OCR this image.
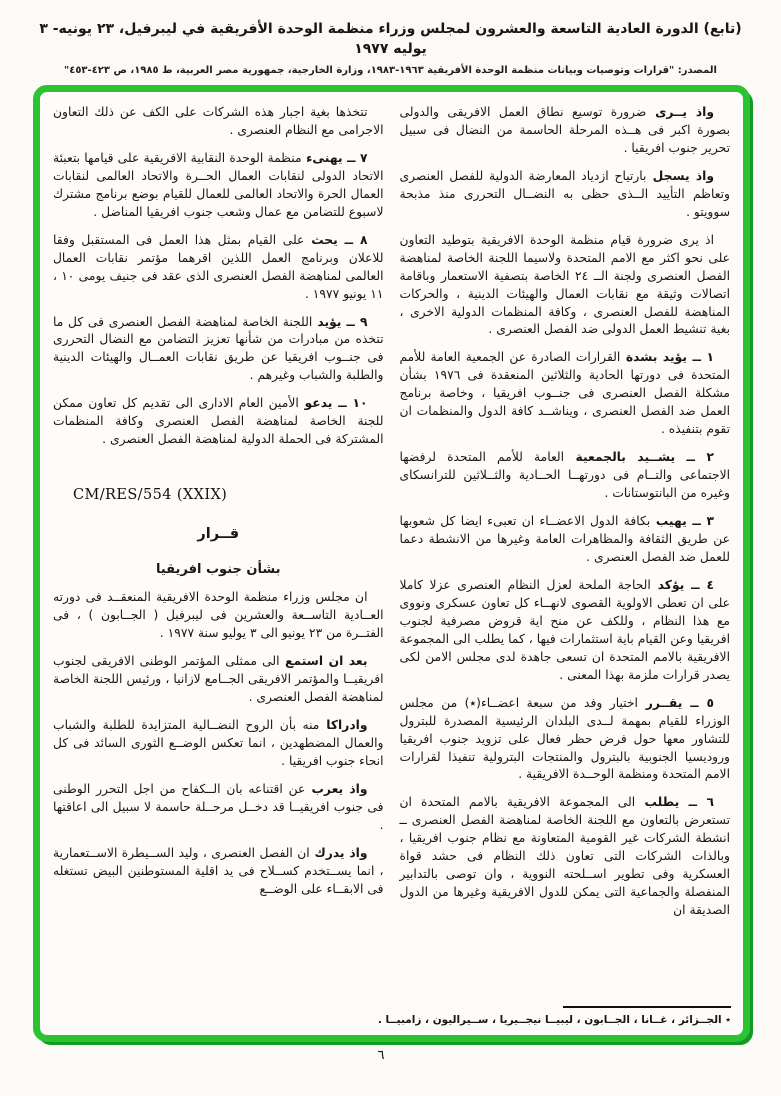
(تابع) الدورة العادية التاسعة والعشرون لمجلس وزراء منظمة الوحدة الأفريقية في ليبرفيل، ٢٣ يونيه- ٣ يوليه ١٩٧٧
المصدر: "قرارات وتوصيات وبيانات منظمة الوحدة الأفريقية ١٩٦٣-١٩٨٣، وزارة الخارجية، جمهورية مصر العربية، ط ١٩٨٥، ص ٤٢٣-٤٥٣"

واذ يــرى ضرورة توسيع نطاق العمل الافريقى والدولى بصورة اكبر فى هــذه المرحلة الحاسمة من النضال فى سبيل تحرير جنوب افريقيا .

واذ يسجل بارتياح ازدياد المعارضة الدولية للفصل العنصرى وتعاظم التأييد الــذى حظى به النضــال التحررى منذ مذبحة سوويتو .

اذ يرى ضرورة قيام منظمة الوحدة الافريقية بتوطيد التعاون على نحو اكثر مع الامم المتحدة ولاسيما اللجنة الخاصة لمناهضة الفصل العنصرى ولجنة الــ ٢٤ الخاصة بتصفية الاستعمار وباقامة اتصالات وثيقة مع نقابات العمال والهيئات الدينية ، والحركات المناهضة للفصل العنصرى ، وكافة المنظمات الدولية الاخرى ، بغية تنشيط العمل الدولى ضد الفصل العنصرى .

١ ــ يؤيد بشدة القرارات الصادرة عن الجمعية العامة للأمم المتحدة فى دورتها الحادية والثلاثين المنعقدة فى ١٩٧٦ بشأن مشكلة الفصل العنصرى فى جنــوب افريقيا ، وخاصة برنامج العمل ضد الفصل العنصرى ، ويناشــد كافة الدول والمنظمات ان تقوم بتنفيذه .

٢ ــ يشــيد بالجمعية العامة للأمم المتحدة لرفضها الاجتماعى والتــام فى دورتهــا الحــادية والثــلاثين للترانسكاى وغيره من البانتوستانات .

٣ ــ يهيب بكافة الدول الاعضــاء ان تعبىء ايضا كل شعوبها عن طريق الثقافة والمظاهرات العامة وغيرها من الانشطة دعما للعمل ضد الفصل العنصرى .

٤ ــ يؤكد الحاجة الملحة لعزل النظام العنصرى عزلا كاملا على ان تعطى الاولوية القصوى لانهــاء كل تعاون عسكرى ونووى مع هذا النظام ، وللكف عن منح اية قروض مصرفية لجنوب افريقيا وعن القيام باية استثمارات فيها ، كما يطلب الى المجموعة الافريقية بالامم المتحدة ان تسعى جاهدة لدى مجلس الامن لكى يصدر قرارات ملزمة بهذا المعنى .

٥ ــ يقــرر اختيار وفد من سبعة اعضــاء(٭) من مجلس الوزراء للقيام بمهمة لــدى البلدان الرئيسية المصدرة للبترول للتشاور معها حول فرض حظر فعال على تزويد جنوب افريقيا وروديسيا الجنوبية بالبترول والمنتجات البترولية تنفيذا لقرارات الامم المتحدة ومنظمة الوحــدة الافريقية .

٦ ــ يطلب الى المجموعة الافريقية بالامم المتحدة ان تستعرض بالتعاون مع اللجنة الخاصة لمناهضة الفصل العنصرى ــ انشطة الشركات غير القومية المتعاونة مع نظام جنوب افريقيا ، وبالذات الشركات التى تعاون ذلك النظام فى حشد قواة العسكرية وفى تطوير اســلحته النووية ، وان توصى بالتدابير المنفصلة والجماعية التى يمكن للدول الافريقية وغيرها من الدول الصديقة ان

تتخذها بغية اجبار هذه الشركات على الكف عن ذلك التعاون الاجرامى مع النظام العنصرى .

٧ ــ يهنىء منظمة الوحدة النقابية الافريقية على قيامها بتعبئة الاتحاد الدولى لنقابات العمال الحــرة والاتحاد العالمى لنقابات العمال الحرة والاتحاد العالمى للعمال للقيام بوضع برنامج مشترك لاسبوع للتضامن مع عمال وشعب جنوب افريقيا المناضل .

٨ ــ يحث على القيام بمثل هذا العمل فى المستقبل وفقا للاعلان وبرنامج العمل اللذين اقرهما مؤتمر نقابات العمال العالمى لمناهضة الفصل العنصرى الذى عقد فى جنيف يومى ١٠ ، ١١ يونيو ١٩٧٧ .

٩ ــ يؤيد اللجنة الخاصة لمناهضة الفصل العنصرى فى كل ما تتخذه من مبادرات من شأنها تعزيز التضامن مع النضال التحررى فى جنــوب افريقيا عن طريق نقابات العمــال والهيئات الدينية والطلبة والشباب وغيرهم .

١٠ ــ يدعو الأمين العام الادارى الى تقديم كل تعاون ممكن للجنة الخاصة لمناهضة الفصل العنصرى وكافة المنظمات المشتركة فى الحملة الدولية لمناهضة الفصل العنصرى .

CM/RES/554 (XXIX)

قــرار

بشأن جنوب افريقيا

ان مجلس وزراء منظمة الوحدة الافريقية المنعقــد فى دورته العــادية التاســعة والعشرين فى ليبرفيل ( الجــابون ) ، فى الفتــرة من ٢٣ يونيو الى ٣ يوليو سنة ١٩٧٧ .

بعد ان استمع الى ممثلى المؤتمر الوطنى الافريقى لجنوب افريقيــا والمؤتمر الافريقى الجــامع لازانيا ، ورئيس اللجنة الخاصة لمناهضة الفصل العنصرى .

وادراكا منه بأن الروح النضــالية المتزايدة للطلبة والشباب والعمال المضطهدين ، انما تعكس الوضــع الثورى السائد فى كل انحاء جنوب افريقيا .

واذ يعرب عن اقتناعه بان الــكفاح من اجل التحرر الوطنى فى جنوب افريقيــا قد دخــل مرحــلة حاسمة لا سبيل الى اعاقتها .

واذ يدرك ان الفصل العنصرى ، وليد الســيطرة الاســتعمارية ، انما يســتخدم كســلاح فى يد اقلية المستوطنين البيض تستغله فى الابقــاء على الوضــع

٭ الجــزائر ، غــانا ، الجــابون ، ليبيــا نيجــيريا ، ســيراليون ، زامبيــا .
٦
